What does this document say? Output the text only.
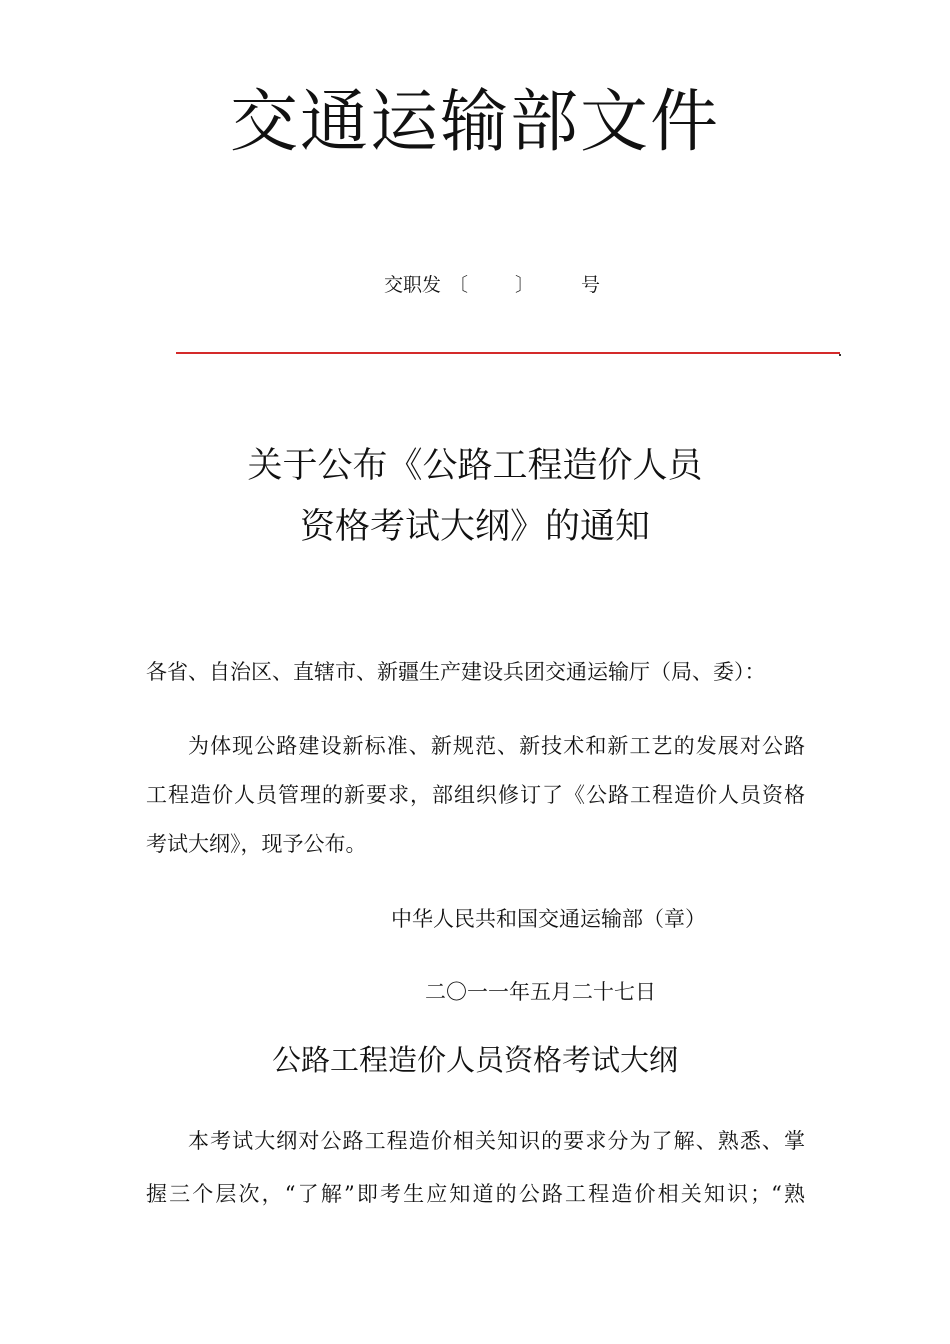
交通运输部文件
交职发 〔 〕 号
关于公布《公路工程造价人员
资格考试大纲》的通知
各省、自治区、直辖市、新疆生产建设兵团交通运输厅（局、委）：
为体现公路建设新标准、新规范、新技术和新工艺的发展对公路
工程造价人员管理的新要求，部组织修订了《公路工程造价人员资格
考试大纲》，现予公布。
中华人民共和国交通运输部（章）
二〇一一年五月二十七日
公路工程造价人员资格考试大纲
本考试大纲对公路工程造价相关知识的要求分为了解、熟悉、掌
握三个层次，“了解”即考生应知道的公路工程造价相关知识；“熟
